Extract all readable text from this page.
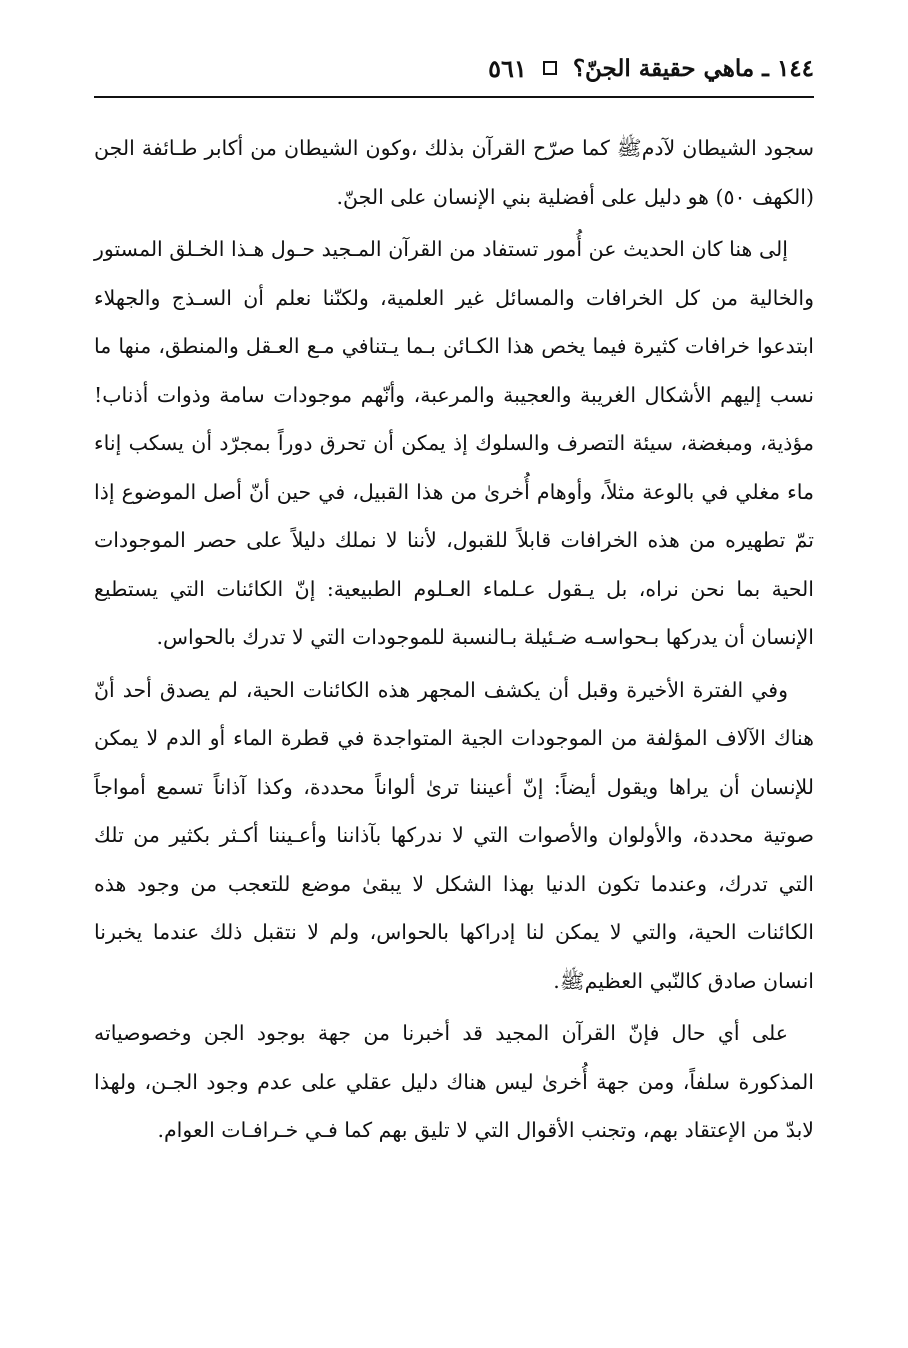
١٤٤ ـ ماهي حقيقة الجنّ؟
٥٦١

سجود الشيطان لآدمﷺ كما صرّح القرآن بذلك ،وكون الشيطان من أكابر طـائفة الجن (الكهف ٥٠) هو دليل على أفضلية بني الإنسان على الجنّ.

إلى هنا كان الحديث عن أُمور تستفاد من القرآن المـجيد حـول هـذا الخـلق المستور والخالية من كل الخرافات والمسائل غير العلمية، ولكنّنا نعلم أن السـذج والجهلاء ابتدعوا خرافات كثيرة فيما يخص هذا الكـائن بـما يـتنافي مـع العـقل والمنطق، منها ما نسب إليهم الأشكال الغريبة والعجيبة والمرعبة، وأنّهم موجودات سامة وذوات أذناب! مؤذية، ومبغضة، سيئة التصرف والسلوك إذ يمكن أن تحرق دوراً بمجرّد أن يسكب إناء ماء مغلي في بالوعة مثلاً، وأوهام أُخرىٰ من هذا القبيل، في حين أنّ أصل الموضوع إذا تمّ تطهيره من هذه الخرافات قابلاً للقبول، لأننا لا نملك دليلاً على حصر الموجودات الحية بما نحن نراه، بل يـقول عـلماء العـلوم الطبيعية: إنّ الكائنات التي يستطيع الإنسان أن يدركها بـحواسـه ضـئيلة بـالنسبة للموجودات التي لا تدرك بالحواس.

وفي الفترة الأخيرة وقبل أن يكشف المجهر هذه الكائنات الحية، لم يصدق أحد أنّ هناك الآلاف المؤلفة من الموجودات الجية المتواجدة في قطرة الماء أو الدم لا يمكن للإنسان أن يراها ويقول أيضاً: إنّ أعيننا ترىٰ ألواناً محددة، وكذا آذاناً تسمع أمواجاً صوتية محددة، والأولوان والأصوات التي لا ندركها بآذاننا وأعـيننا أكـثر بكثير من تلك التي تدرك، وعندما تكون الدنيا بهذا الشكل لا يبقىٰ موضع للتعجب من وجود هذه الكائنات الحية، والتي لا يمكن لنا إدراكها بالحواس، ولم لا نتقبل ذلك عندما يخبرنا انسان صادق كالنّبي العظيمﷺ.

على أي حال فإنّ القرآن المجيد قد أخبرنا من جهة بوجود الجن وخصوصياته المذكورة سلفاً، ومن جهة أُخرىٰ ليس هناك دليل عقلي على عدم وجود الجـن، ولهذا لابدّ من الإعتقاد بهم، وتجنب الأقوال التي لا تليق بهم كما فـي خـرافـات العوام.
